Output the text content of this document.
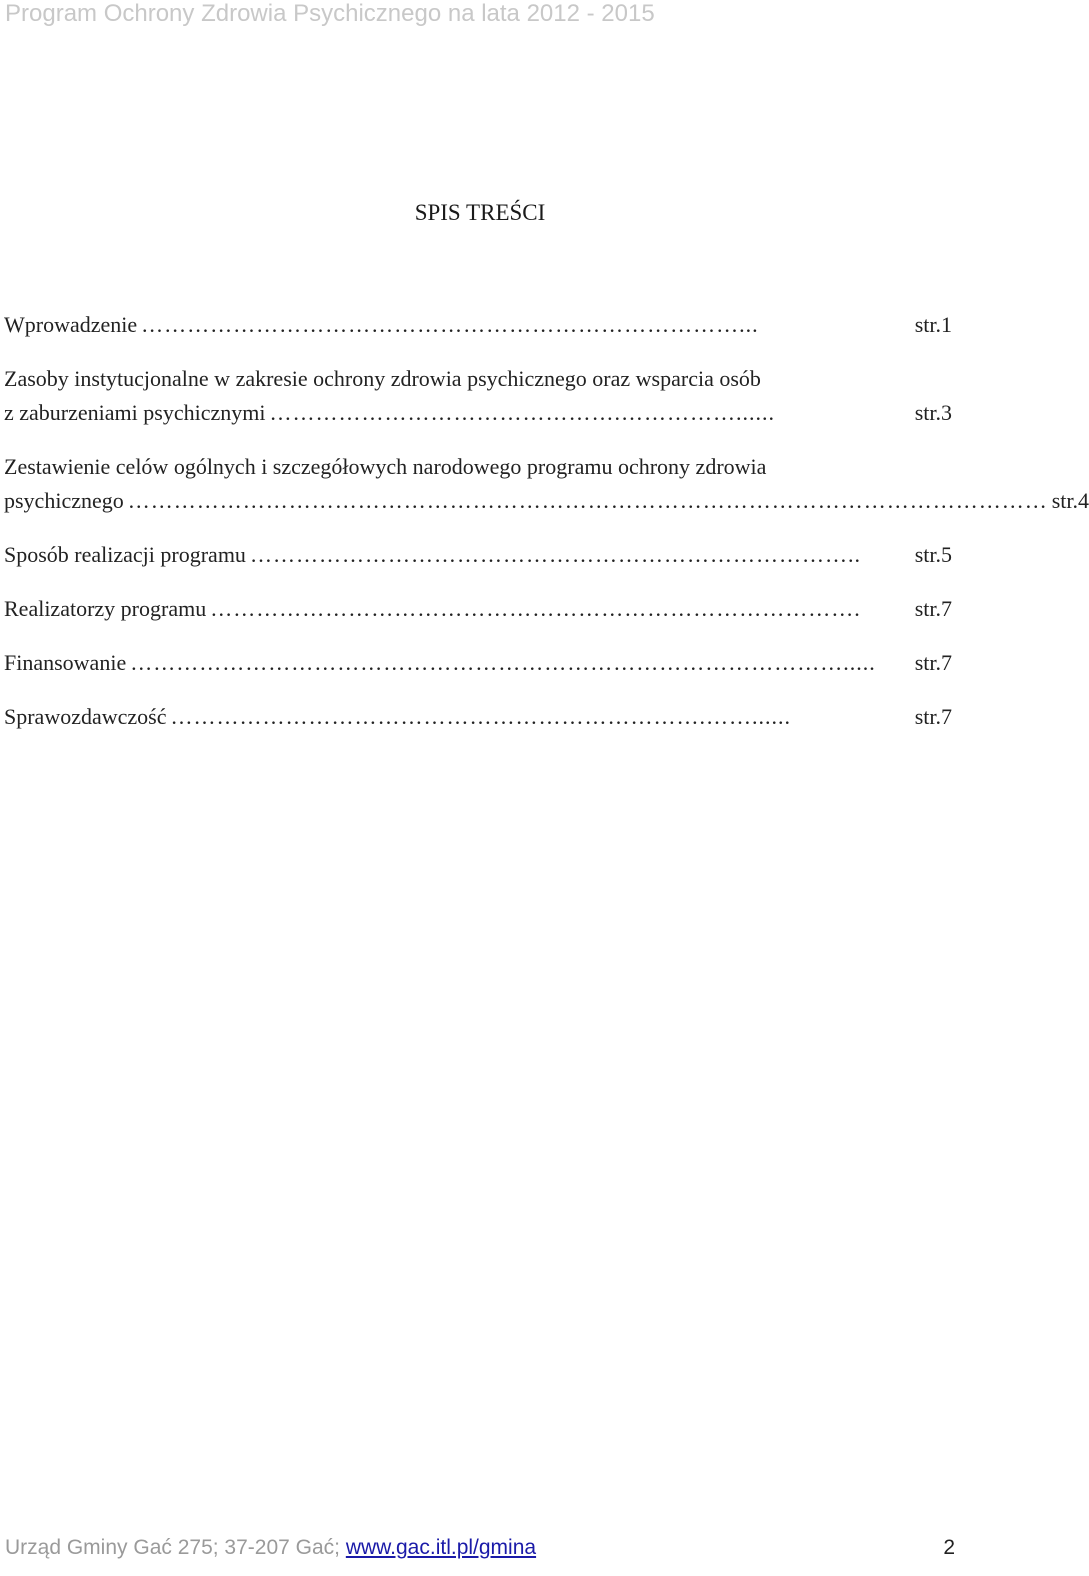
Program Ochrony Zdrowia Psychicznego na lata 2012 - 2015
SPIS TREŚCI
Wprowadzenie ……………………………………………………………………...	str.1
Zasoby instytucjonalne w zakresie ochrony zdrowia psychicznego oraz wsparcia osób
z zaburzeniami psychicznymi ……………………………………….……………......	str.3
Zestawienie celów ogólnych i szczegółowych narodowego programu ochrony zdrowia
psychicznego ………………………………………………………………………………………………………… str.4
Sposób realizacji programu ……………………………………………………………………..	str.5
Realizatorzy programu ………………………………………………………………………….	str.7
Finansowanie ………………………………………………………………………………….....	str.7
Sprawozdawczość …………………………………………………………….……......	str.7
Urząd Gminy Gać 275; 37-207 Gać; www.gac.itl.pl/gmina	2
